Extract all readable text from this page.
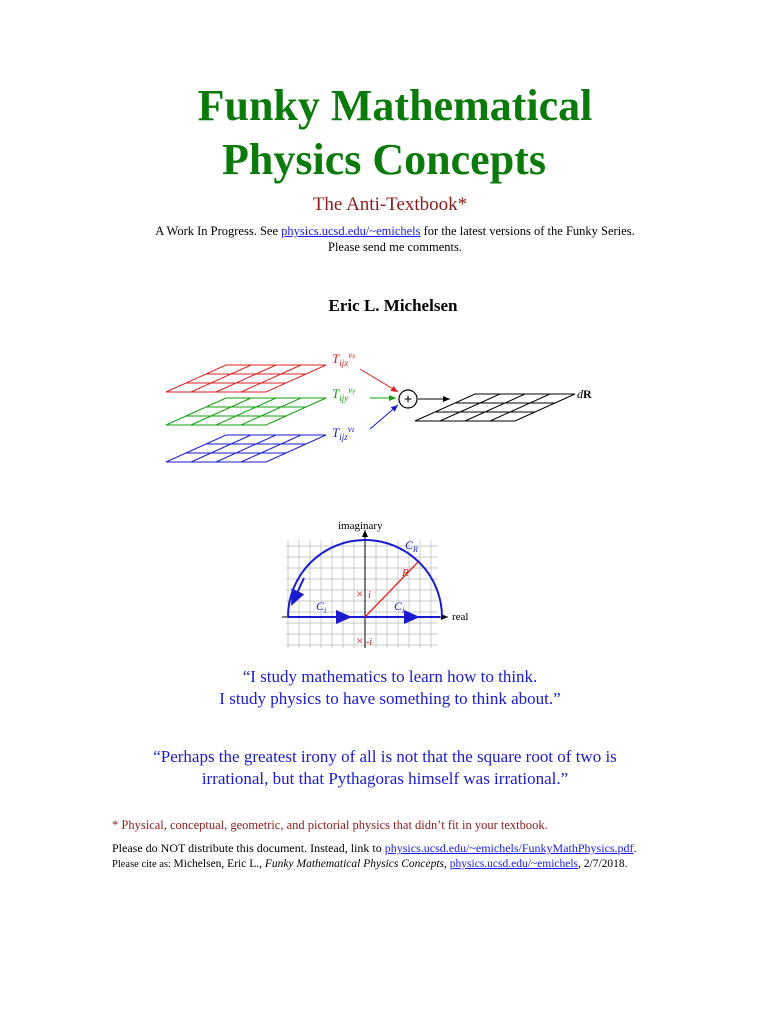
Funky Mathematical
Physics Concepts
The Anti-Textbook*
A Work In Progress. See physics.ucsd.edu/~emichels for the latest versions of the Funky Series.
Please send me comments.
Eric L. Michelsen
$T_{ijx}^vx$
$T_{ijy}^vy$
$T_{ijz}^vz$
+	dR
imaginary
real
R
× i
× -i
$C_R$
$C_i$	$C_i$
“I study mathematics to learn how to think.
I study physics to have something to think about.”
“Perhaps the greatest irony of all is not that the square root of two is
irrational, but that Pythagoras himself was irrational.”
* Physical, conceptual, geometric, and pictorial physics that didn’t fit in your textbook.
Please do NOT distribute this document. Instead, link to physics.ucsd.edu/~emichels/FunkyMathPhysics.pdf.
Please cite as: Michelsen, Eric L., Funky Mathematical Physics Concepts, physics.ucsd.edu/~emichels, 2/7/2018.
